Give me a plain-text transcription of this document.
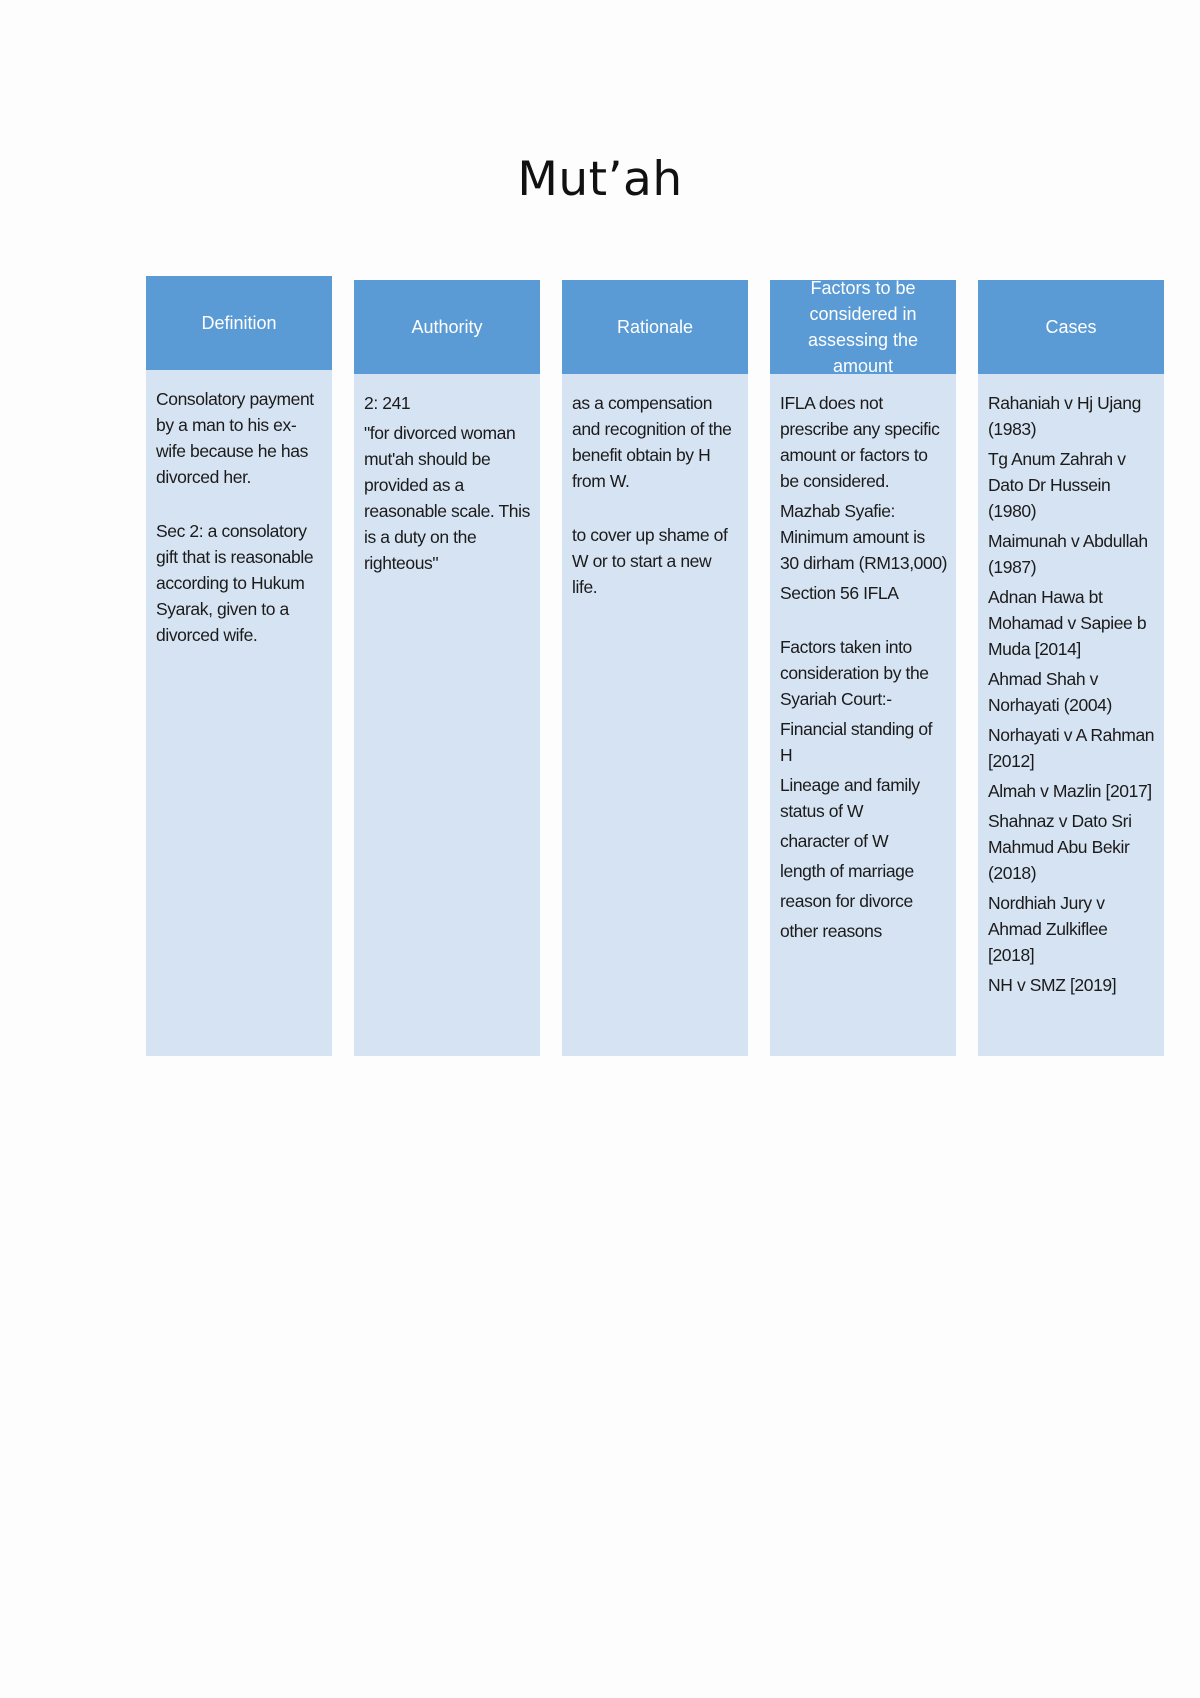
Mut’ah
Definition

Consolatory payment by a man to his ex-wife because he has divorced her.

Sec 2: a consolatory gift that is reasonable according to Hukum Syarak, given to a divorced wife.

Authority

2: 241

"for divorced woman mut'ah should be provided as a reasonable scale. This is a duty on the righteous"

Rationale

as a compensation and recognition of the benefit obtain by H from W.

to cover up shame of W or to start a new life.

Factors to be
considered in
assessing the amount

IFLA does not prescribe any specific amount or factors to be considered.

Mazhab Syafie: Minimum amount is 30 dirham (RM13,000)

Section 56 IFLA

Factors taken into consideration by the Syariah Court:-

Financial standing of H

Lineage and family status of W

character of W

length of marriage

reason for divorce

other reasons

Cases

Rahaniah v Hj Ujang (1983)

Tg Anum Zahrah v Dato Dr Hussein (1980)

Maimunah v Abdullah (1987)

Adnan Hawa bt Mohamad v Sapiee b Muda [2014]

Ahmad Shah v Norhayati (2004)

Norhayati v A Rahman [2012]

Almah v Mazlin [2017]

Shahnaz v Dato Sri Mahmud Abu Bekir (2018)

Nordhiah Jury v Ahmad Zulkiflee [2018]

NH v SMZ [2019]
